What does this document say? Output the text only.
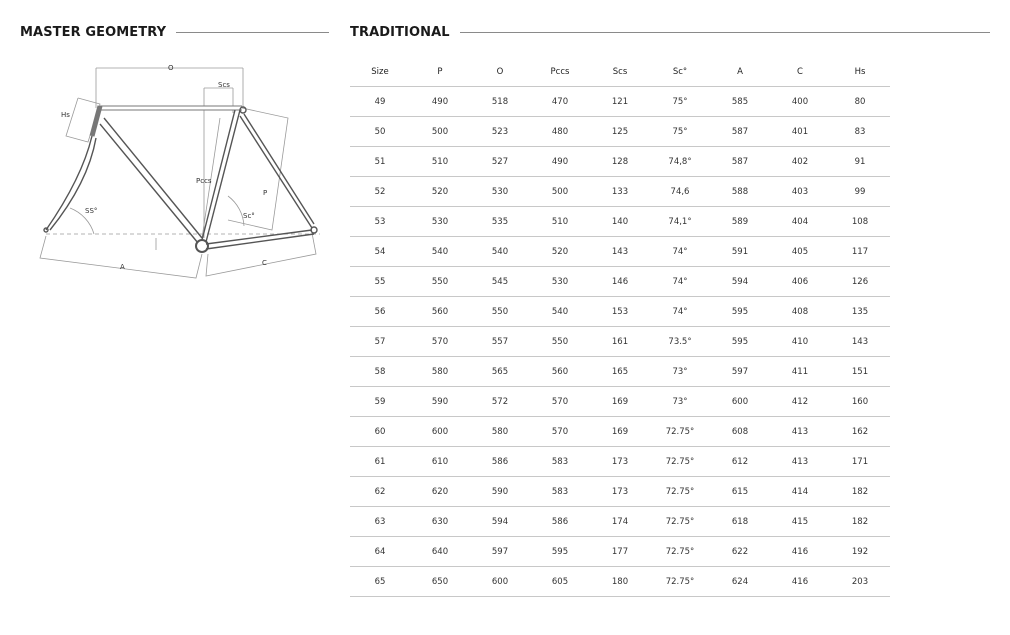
MASTER GEOMETRY	TRADITIONAL
O
Scs
Hs
Pccs
P
SS°
Sc°
A	C
Size	P	O	Pccs	Scs	Sc°	A	C	Hs
49	490	518	470	121	75°	585	400	80
50	500	523	480	125	75°	587	401	83
51	510	527	490	128	74,8°	587	402	91
52	520	530	500	133	74,6	588	403	99
53	530	535	510	140	74,1°	589	404	108
54	540	540	520	143	74°	591	405	117
55	550	545	530	146	74°	594	406	126
56	560	550	540	153	74°	595	408	135
57	570	557	550	161	73.5°	595	410	143
58	580	565	560	165	73°	597	411	151
59	590	572	570	169	73°	600	412	160
60	600	580	570	169	72.75°	608	413	162
61	610	586	583	173	72.75°	612	413	171
62	620	590	583	173	72.75°	615	414	182
63	630	594	586	174	72.75°	618	415	182
64	640	597	595	177	72.75°	622	416	192
65	650	600	605	180	72.75°	624	416	203
